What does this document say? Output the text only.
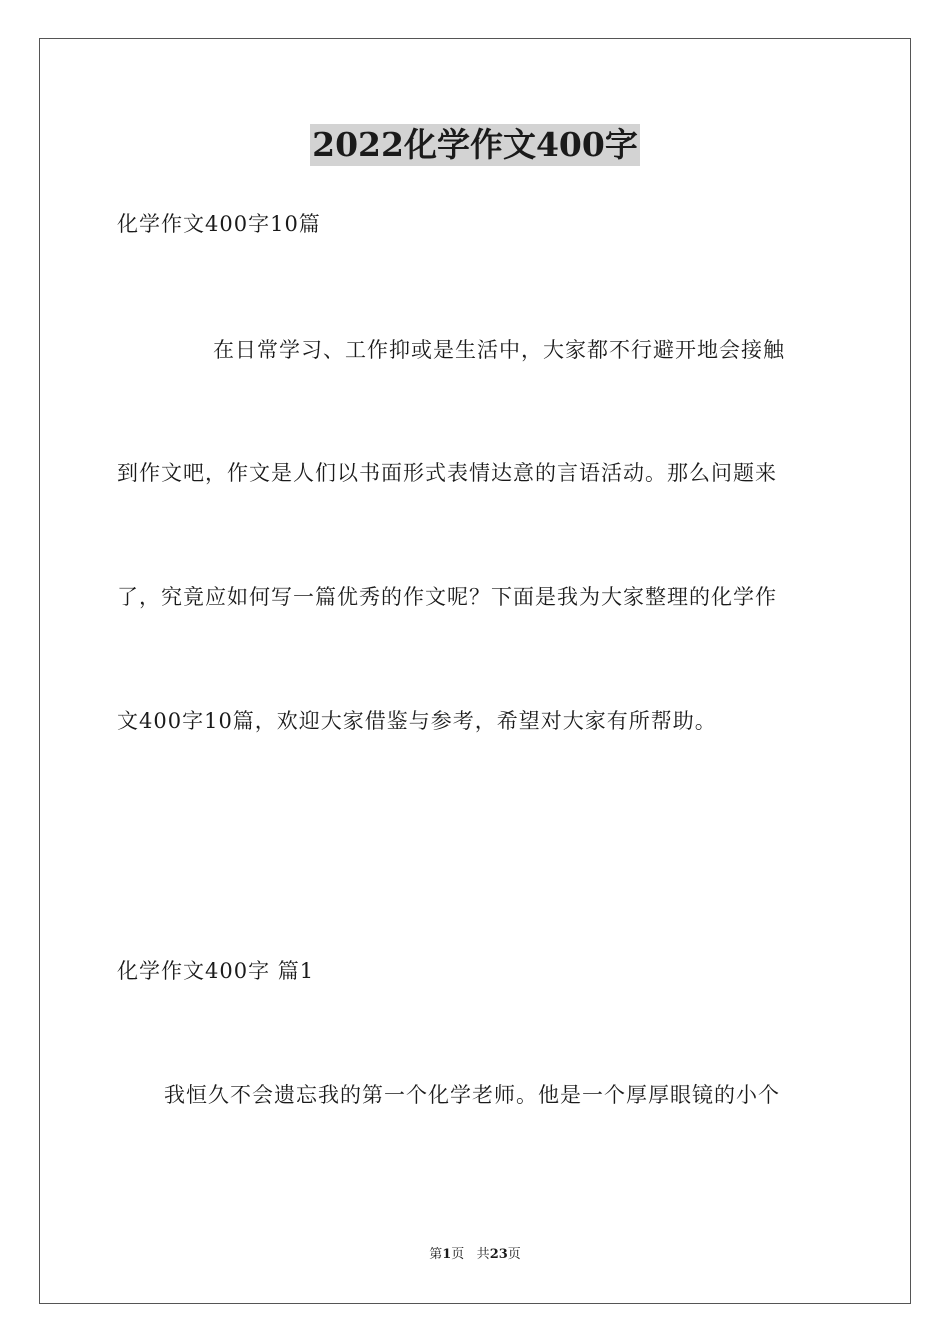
2022化学作文400字
化学作文400字10篇
在日常学习、工作抑或是生活中，大家都不行避开地会接触
到作文吧，作文是人们以书面形式表情达意的言语活动。那么问题来
了，究竟应如何写一篇优秀的作文呢？下面是我为大家整理的化学作
文400字10篇，欢迎大家借鉴与参考，希望对大家有所帮助。
化学作文400字 篇1
我恒久不会遗忘我的第一个化学老师。他是一个厚厚眼镜的小个
第1页 共23页
